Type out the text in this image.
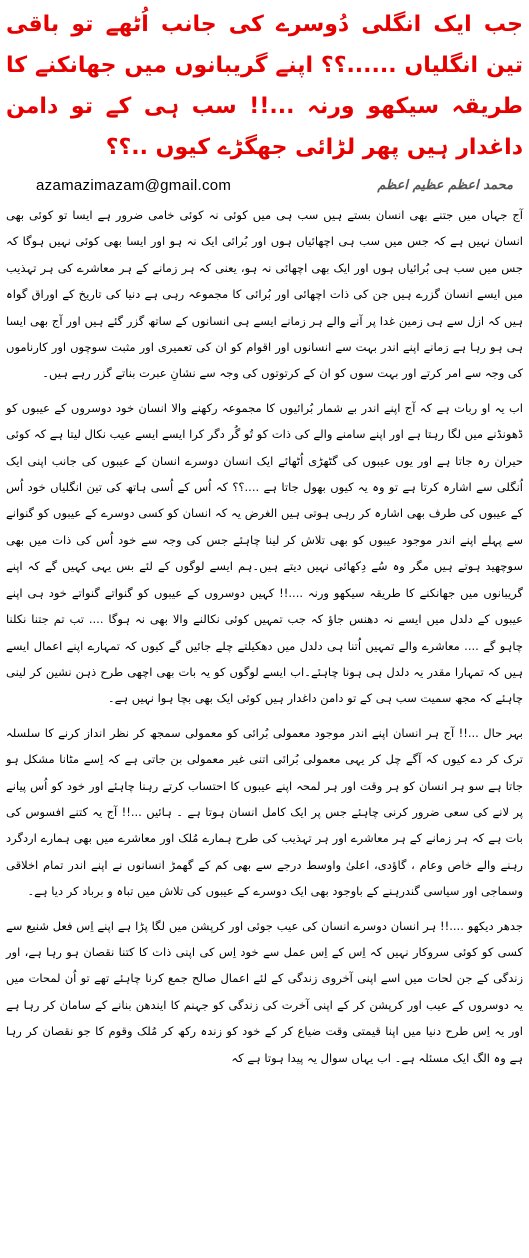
جب ایک انگلی دُوسرے کی جانب اُٹھے تو باقی تین انگلیاں ......؟؟ اپنے گریبانوں میں جھانکنے کا طریقہ سیکھو ورنہ ...!! سب ہی کے تو دامن داغدار ہیں پھر لڑائی جھگڑے کیوں ..؟؟
azamazimazam@gmail.com	محمد اعظم عظیم اعظم

آج جہاں میں جتنے بھی انسان بستے ہیں سب ہی میں کوئی نہ کوئی خامی ضرور ہے ایسا تو کوئی بھی انسان نہیں ہے کہ جس میں سب ہی اچھائیاں ہوں اور بُرائی ایک نہ ہو اور ایسا بھی کوئی نہیں ہوگا کہ جس میں سب ہی بُرائیاں ہوں اور ایک بھی اچھائی نہ ہو، یعنی کہ ہر زمانے کے ہر معاشرے کی ہر تہذیب میں ایسے انسان گزرے ہیں جن کی ذات اچھائی اور بُرائی کا مجموعہ رہی ہے دنیا کی تاریخ کے اوراق گواہ ہیں کہ ازل سے ہی زمین غدا پر آنے والے ہر زمانے ایسے ہی انسانوں کے ساتھ گزر گئے ہیں اور آج بھی ایسا ہی ہو رہا ہے زمانے اپنے اندر بہت سے انسانوں اور اقوام کو ان کی تعمیری اور مثبت سوچوں اور کارناموں کی وجہ سے امر کرتے اور بہت سوں کو ان کے کرتوتوں کی وجہ سے نشانِ عبرت بناتے گزر رہے ہیں۔

اب یہ او ربات ہے کہ آج اپنے اندر بے شمار بُرائیوں کا مجموعہ رکھنے والا انسان خود دوسروں کے عیبوں کو ڈھونڈنے میں لگا رہتا ہے اور اپنے سامنے والے کی ذات کو تُو گُر دگر کرا ایسے ایسے عیب نکال لیتا ہے کہ کوئی حیران رہ جاتا ہے اور یوں عیبوں کی گٹھڑی اُٹھائے ایک انسان دوسرے انسان کے عیبوں کی جانب اپنی ایک اُنگلی سے اشارہ کرتا ہے تو وہ یہ کیوں بھول جاتا ہے ....؟؟ کہ اُس کے اُسی ہاتھ کی تین انگلیاں خود اُس کے عیبوں کی طرف بھی اشارہ کر رہی ہوتی ہیں الغرض یہ کہ انسان کو کسی دوسرے کے عیبوں کو گنوانے سے پہلے اپنے اندر موجود عیبوں کو بھی تلاش کر لینا چاہئے جس کی وجہ سے خود اُس کی ذات میں بھی سوچھید ہوتے ہیں مگر وہ سُے دِکھائی نہیں دیتے ہیں۔ہم ایسے لوگوں کے لئے بس یہی کہیں گے کہ اپنے گریبانوں میں جھانکنے کا طریقہ سیکھو ورنہ ....!! کہیں دوسروں کے عیبوں کو گنواتے گنواتے خود ہی اپنے عیبوں کے دلدل میں ایسے نہ دھنس جاؤ کہ جب تمہیں کوئی نکالنے والا بھی نہ ہوگا .... تب تم جتنا نکلنا چاہو گے .... معاشرے والے تمہیں اُتنا ہی دلدل میں دھکیلتے چلے جائیں گے کیوں کہ تمہارے اپنے اعمال ایسے ہیں کہ تمہارا مقدر یہ دلدل ہی ہونا چاہئے۔اب ایسے لوگوں کو یہ بات بھی اچھی طرح ذہن نشین کر لینی چاہئے کہ مجھ سمیت سب ہی کے تو دامن داغدار ہیں کوئی ایک بھی بچا ہوا نہیں ہے۔

بہر حال ...!! آج ہر انسان اپنے اندر موجود معمولی بُرائی کو معمولی سمجھ کر نظر انداز کرنے کا سلسلہ ترک کر دے کیوں کہ آگے چل کر یہی معمولی بُرائی اتنی غیر معمولی بن جاتی ہے کہ اِسے مٹانا مشکل ہو جاتا ہے سو ہر انسان کو ہر وقت اور ہر لمحہ اپنے عیبوں کا احتساب کرتے رہنا چاہئے اور خود کو اُس پیانے پر لانے کی سعی ضرور کرنی چاہئے جس پر ایک کامل انسان ہوتا ہے ۔ ہائیں ...!! آج یہ کتنے افسوس کی بات ہے کہ ہر زمانے کے ہر معاشرے اور ہر تہذیب کی طرح ہمارے مُلک اور معاشرے میں بھی ہمارے اردگرد رہنے والے خاص وعام ، گاؤدی، اعلیٰ واوسط درجے سے بھی کم کے گھمڑ انسانوں نے اپنے اندر تمام اخلاقی وسماجی اور سیاسی گندرہنے کے باوجود بھی ایک دوسرے کے عیبوں کی تلاش میں تباہ و برباد کر دیا ہے۔

جدھر دیکھو ....!! ہر انسان دوسرے انسان کی عیب جوئی اور کرپشن میں لگا پڑا ہے اپنے اِس فعل شنیع سے کسی کو کوئی سروکار نہیں کہ اِس کے اِس عمل سے خود اِس کی اپنی ذات کا کتنا نقصان ہو رہا ہے، اور زندگی کے جن لحات میں اسے اپنی آخروی زندگی کے لئے اعمال صالح جمع کرنا چاہئے تھے تو اُن لمحات میں یہ دوسروں کے عیب اور کرپشن کر کے اپنی آخرت کی زندگی کو جہنم کا ایندھن بنانے کے سامان کر رہا ہے اور یہ اِس طرح دنیا میں اپنا قیمتی وقت ضیاع کر کے خود کو زندہ رکھ کر مُلک وقوم کا جو نقصان کر رہا ہے وہ الگ ایک مسئلہ ہے۔ اب یہاں سوال یہ پیدا ہوتا ہے کہ
